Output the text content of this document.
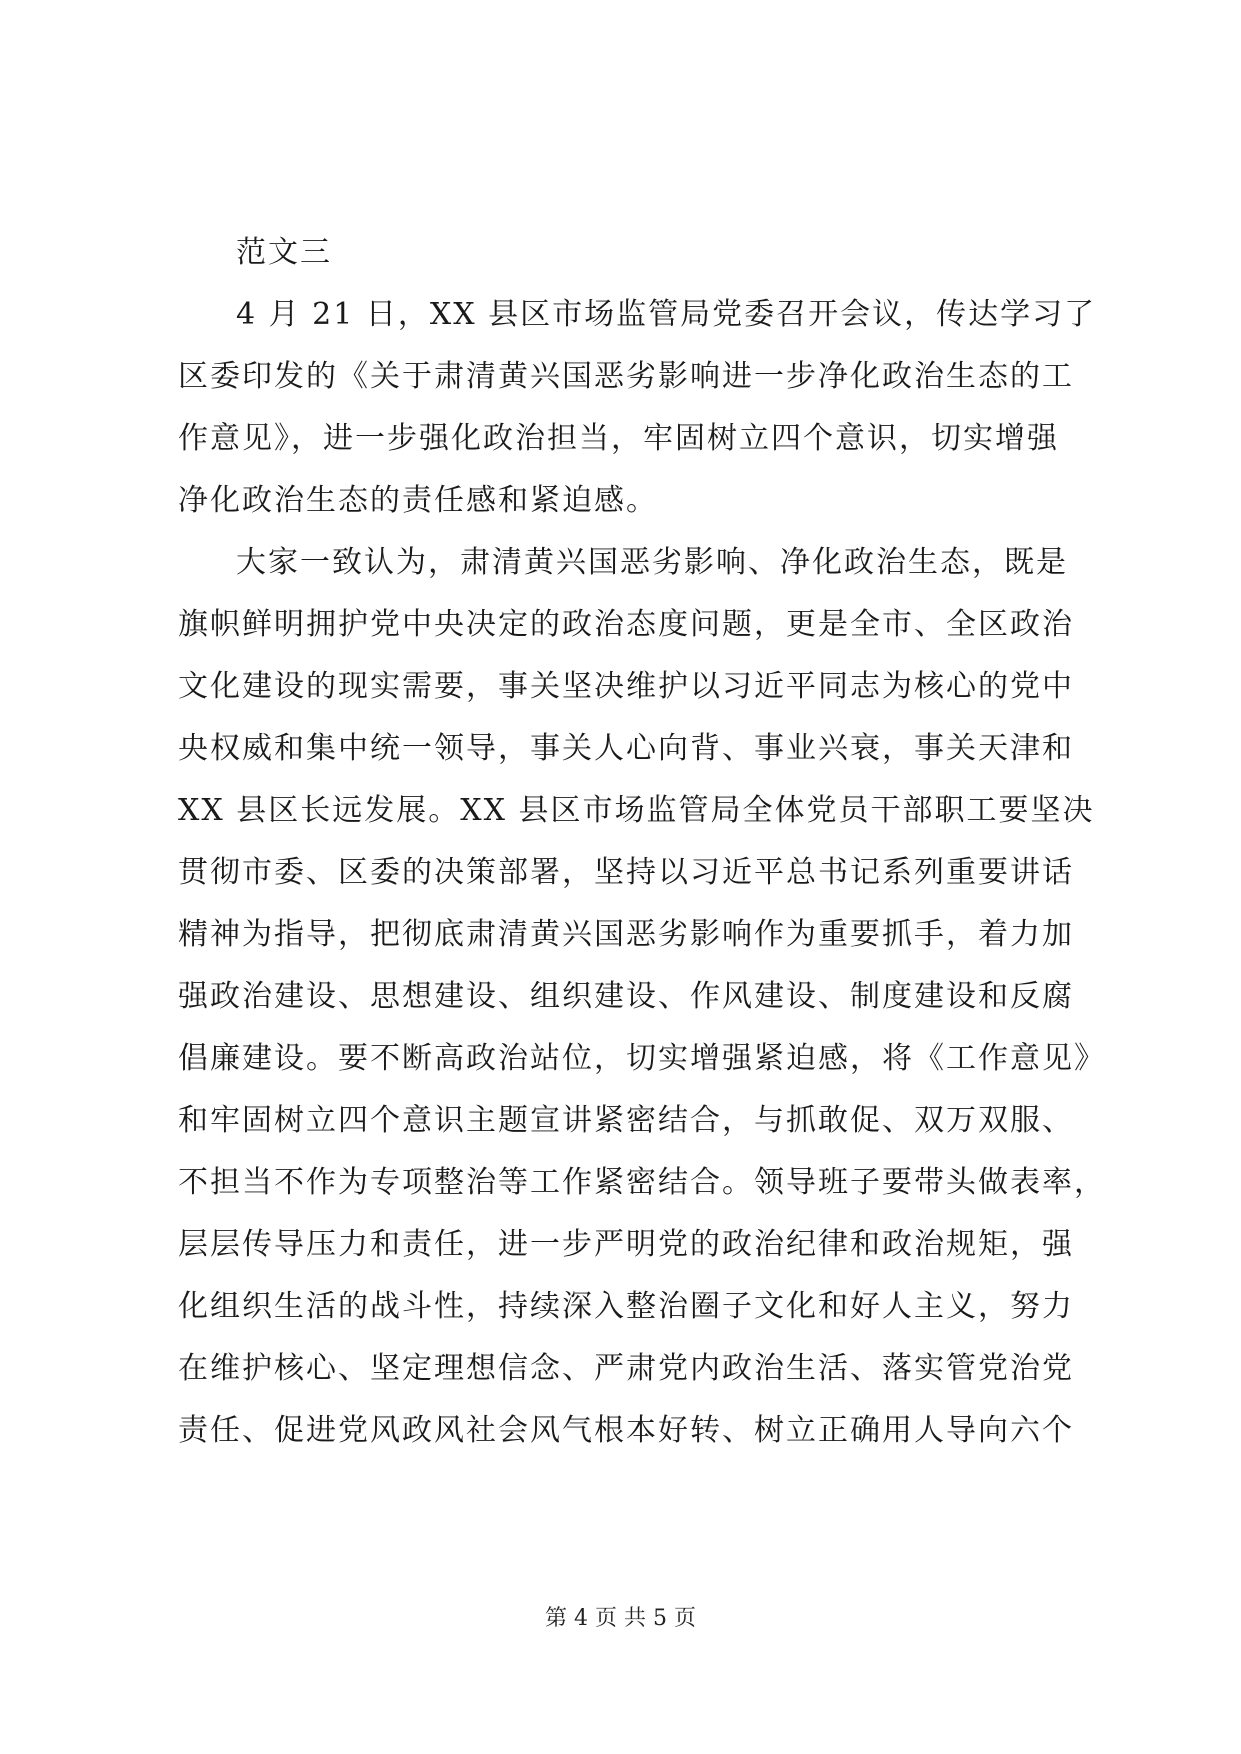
范文三

4 月 21 日，XX 县区市场监管局党委召开会议，传达学习了

区委印发的《关于肃清黄兴国恶劣影响进一步净化政治生态的工

作意见》，进一步强化政治担当，牢固树立四个意识，切实增强

净化政治生态的责任感和紧迫感。

大家一致认为，肃清黄兴国恶劣影响、净化政治生态，既是

旗帜鲜明拥护党中央决定的政治态度问题，更是全市、全区政治

文化建设的现实需要，事关坚决维护以习近平同志为核心的党中

央权威和集中统一领导，事关人心向背、事业兴衰，事关天津和

XX 县区长远发展。XX 县区市场监管局全体党员干部职工要坚决

贯彻市委、区委的决策部署，坚持以习近平总书记系列重要讲话

精神为指导，把彻底肃清黄兴国恶劣影响作为重要抓手，着力加

强政治建设、思想建设、组织建设、作风建设、制度建设和反腐

倡廉建设。要不断高政治站位，切实增强紧迫感，将《工作意见》

和牢固树立四个意识主题宣讲紧密结合，与抓敢促、双万双服、

不担当不作为专项整治等工作紧密结合。领导班子要带头做表率，

层层传导压力和责任，进一步严明党的政治纪律和政治规矩，强

化组织生活的战斗性，持续深入整治圈子文化和好人主义，努力

在维护核心、坚定理想信念、严肃党内政治生活、落实管党治党

责任、促进党风政风社会风气根本好转、树立正确用人导向六个

第 4 页 共 5 页
